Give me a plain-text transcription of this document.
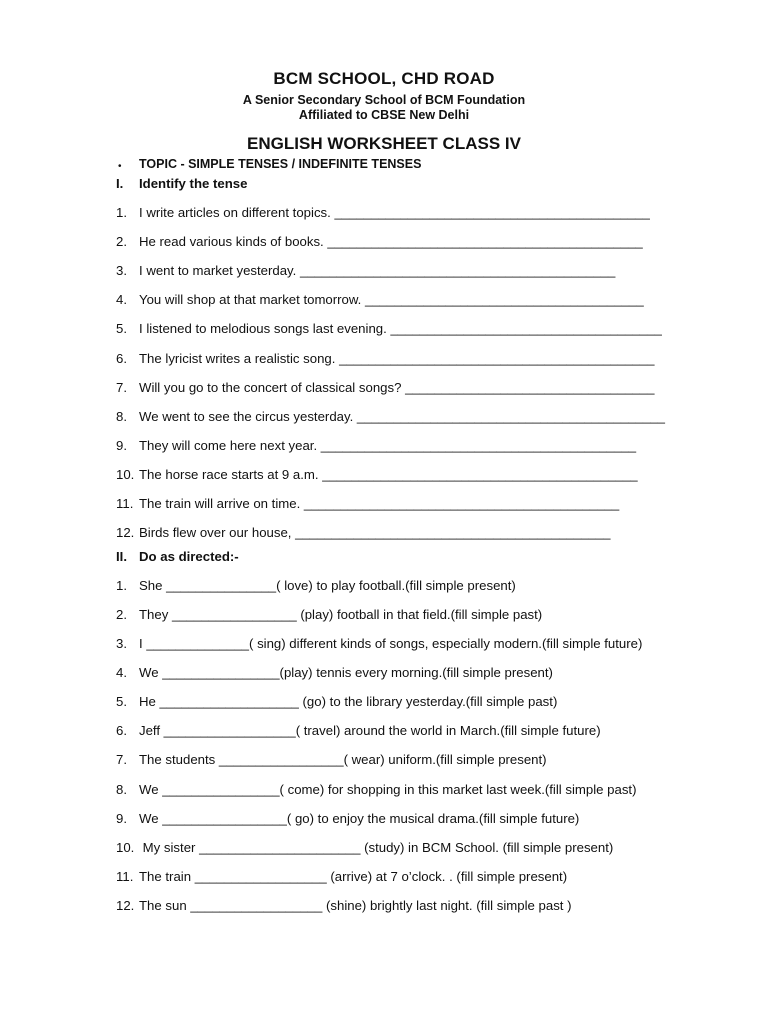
BCM SCHOOL, CHD ROAD
A Senior Secondary School of BCM Foundation
Affiliated to CBSE New Delhi
ENGLISH WORKSHEET CLASS IV
• TOPIC - SIMPLE TENSES / INDEFINITE TENSES
I. Identify the tense
1. I write articles on different topics. ___________________________________________
2. He read various kinds of books. ___________________________________________
3. I went to market yesterday. ___________________________________________
4. You will shop at that market tomorrow. ______________________________________
5. I listened to melodious songs last evening. _____________________________________
6. The lyricist writes a realistic song. ___________________________________________
7. Will you go to the concert of classical songs? __________________________________
8. We went to see the circus yesterday. __________________________________________
9. They will come here next year. ___________________________________________
10. The horse race starts at 9 a.m. ___________________________________________
11. The train will arrive on time. ___________________________________________
12. Birds flew over our house, ___________________________________________
II. Do as directed:-
1. She _______________( love) to play football.(fill simple present)
2. They _________________ (play) football in that field.(fill simple past)
3. I ______________( sing) different kinds of songs, especially modern.(fill simple future)
4. We ________________(play) tennis every morning.(fill simple present)
5. He ___________________ (go) to the library yesterday.(fill simple past)
6. Jeff __________________( travel) around the world in March.(fill simple future)
7. The students _________________( wear) uniform.(fill simple present)
8. We ________________( come) for shopping in this market last week.(fill simple past)
9. We _________________( go) to enjoy the musical drama.(fill simple future)
10. My sister ______________________ (study) in BCM School. (fill simple present)
11. The train __________________ (arrive) at 7 o’clock. . (fill simple present)
12. The sun __________________ (shine) brightly last night. (fill simple past )
